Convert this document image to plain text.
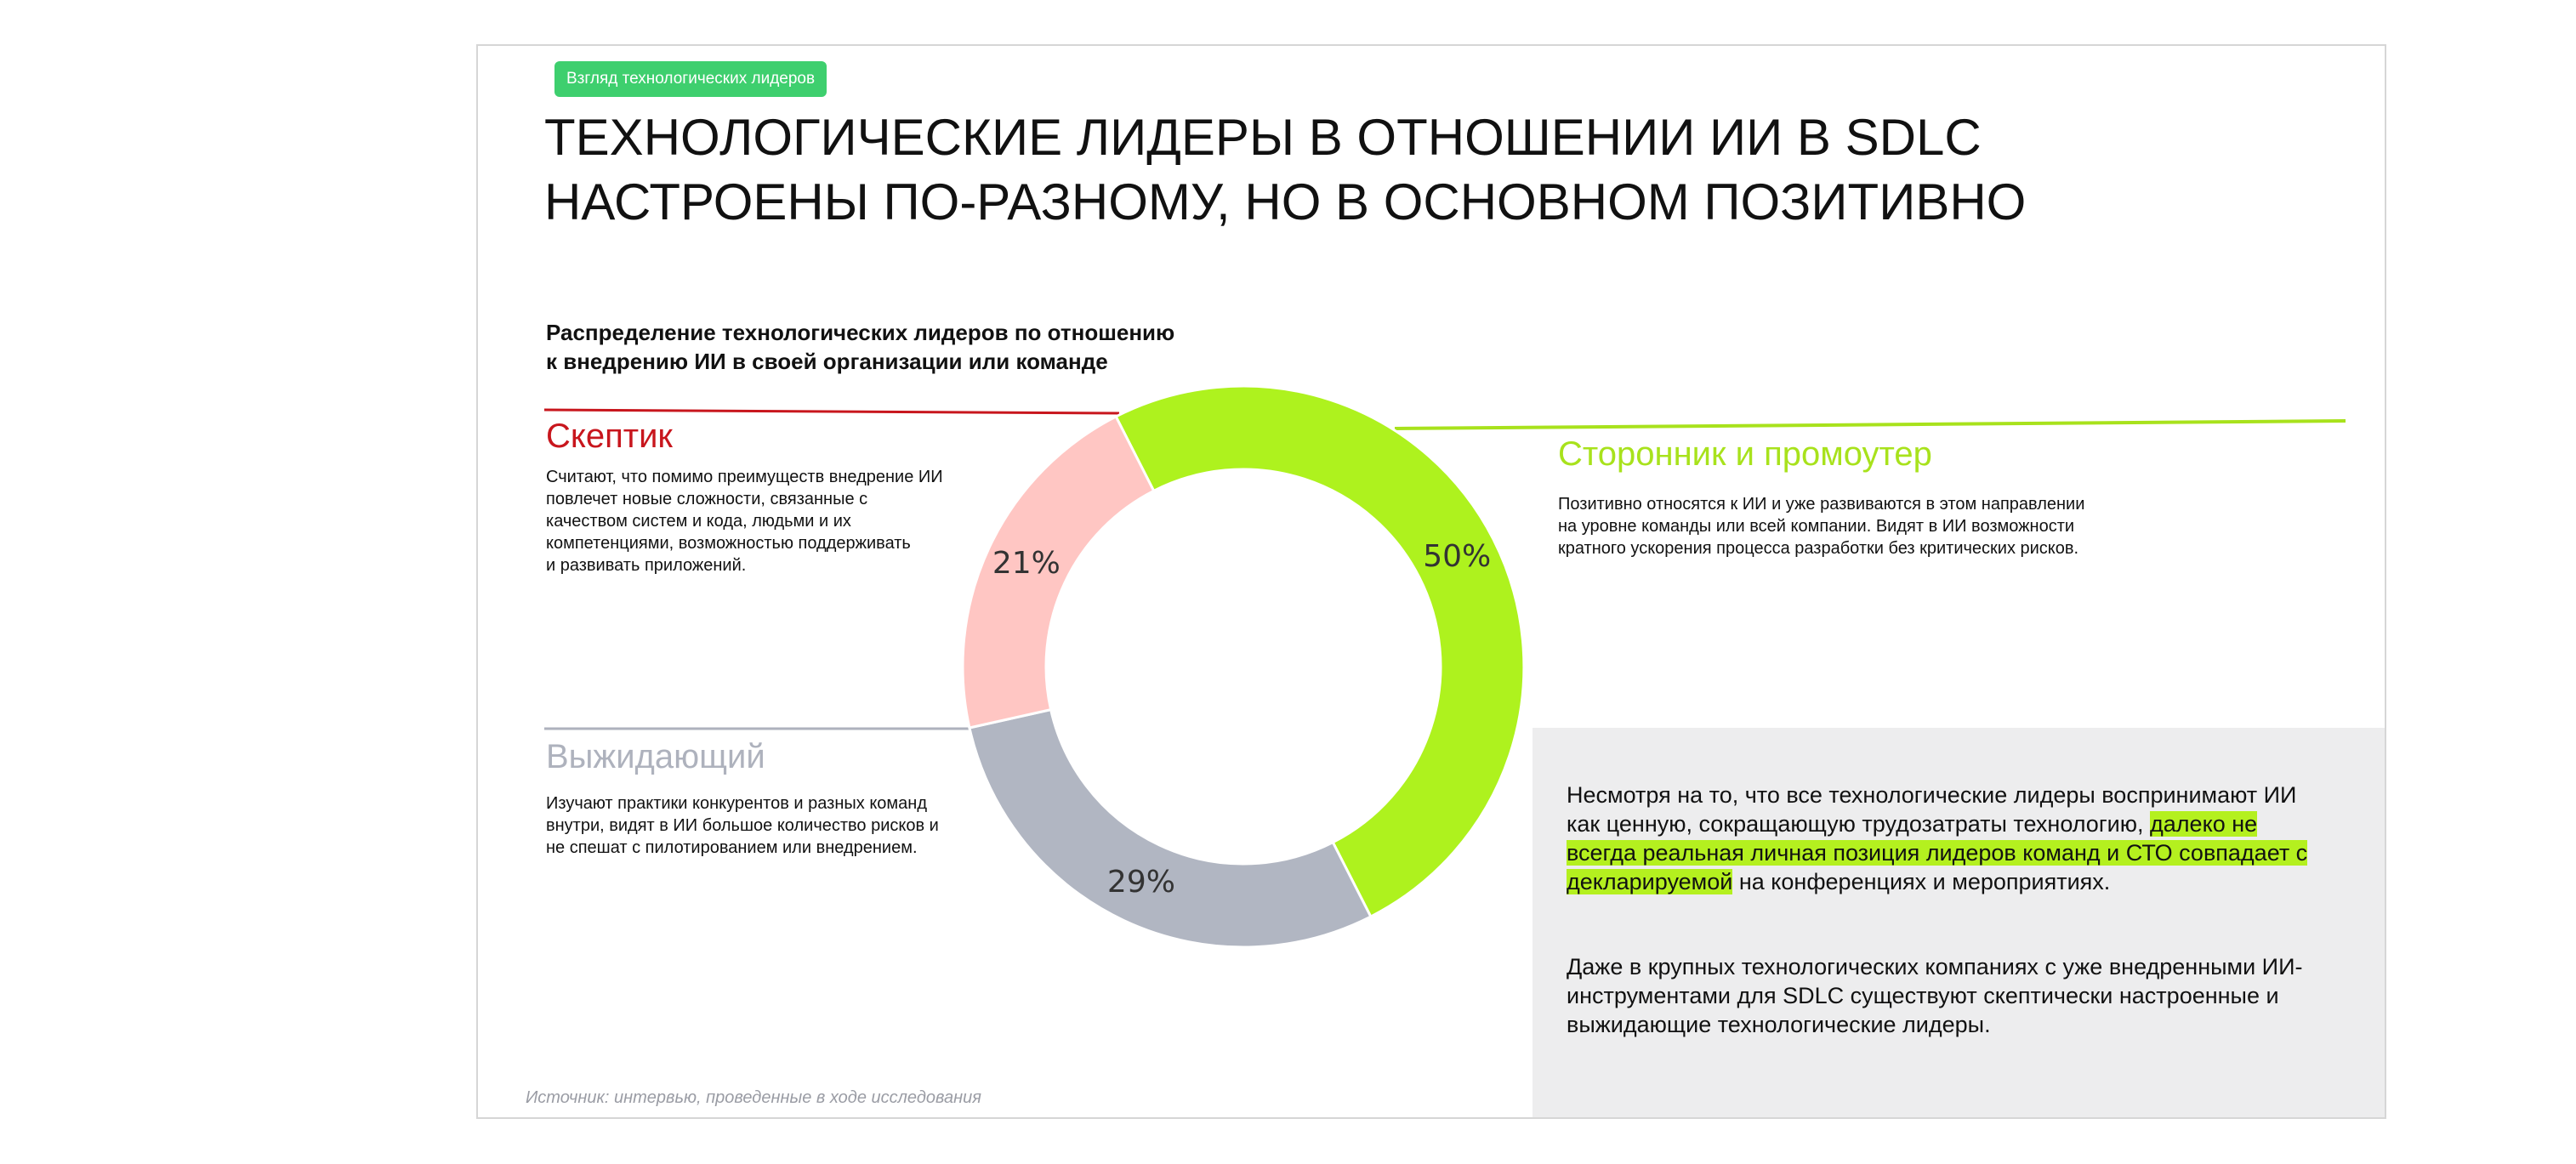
Взгляд технологических лидеров
ТЕХНОЛОГИЧЕСКИЕ ЛИДЕРЫ В ОТНОШЕНИИ ИИ В SDLC
НАСТРОЕНЫ ПО-РАЗНОМУ, НО В ОСНОВНОМ ПОЗИТИВНО
Распределение технологических лидеров по отношению
к внедрению ИИ в своей организации или команде
50%
29%
21%
Скептик
Считают, что помимо преимуществ внедрение ИИ
повлечет новые сложности, связанные с
качеством систем и кода, людьми и их
компетенциями, возможностью поддерживать
и развивать приложений.
Выжидающий
Изучают практики конкурентов и разных команд
внутри, видят в ИИ большое количество рисков и
не спешат с пилотированием или внедрением.
Сторонник и промоутер
Позитивно относятся к ИИ и уже развиваются в этом направлении
на уровне команды или всей компании. Видят в ИИ возможности
кратного ускорения процесса разработки без критических рисков.
Несмотря на то, что все технологические лидеры воспринимают ИИ как ценную, сокращающую трудозатраты технологию, далеко не всегда реальная личная позиция лидеров команд и СТО совпадает с декларируемой на конференциях и мероприятиях.
Даже в крупных технологических компаниях с уже внедренными ИИ-инструментами для SDLC существуют скептически настроенные и выжидающие технологические лидеры.
Источник: интервью, проведенные в ходе исследования
